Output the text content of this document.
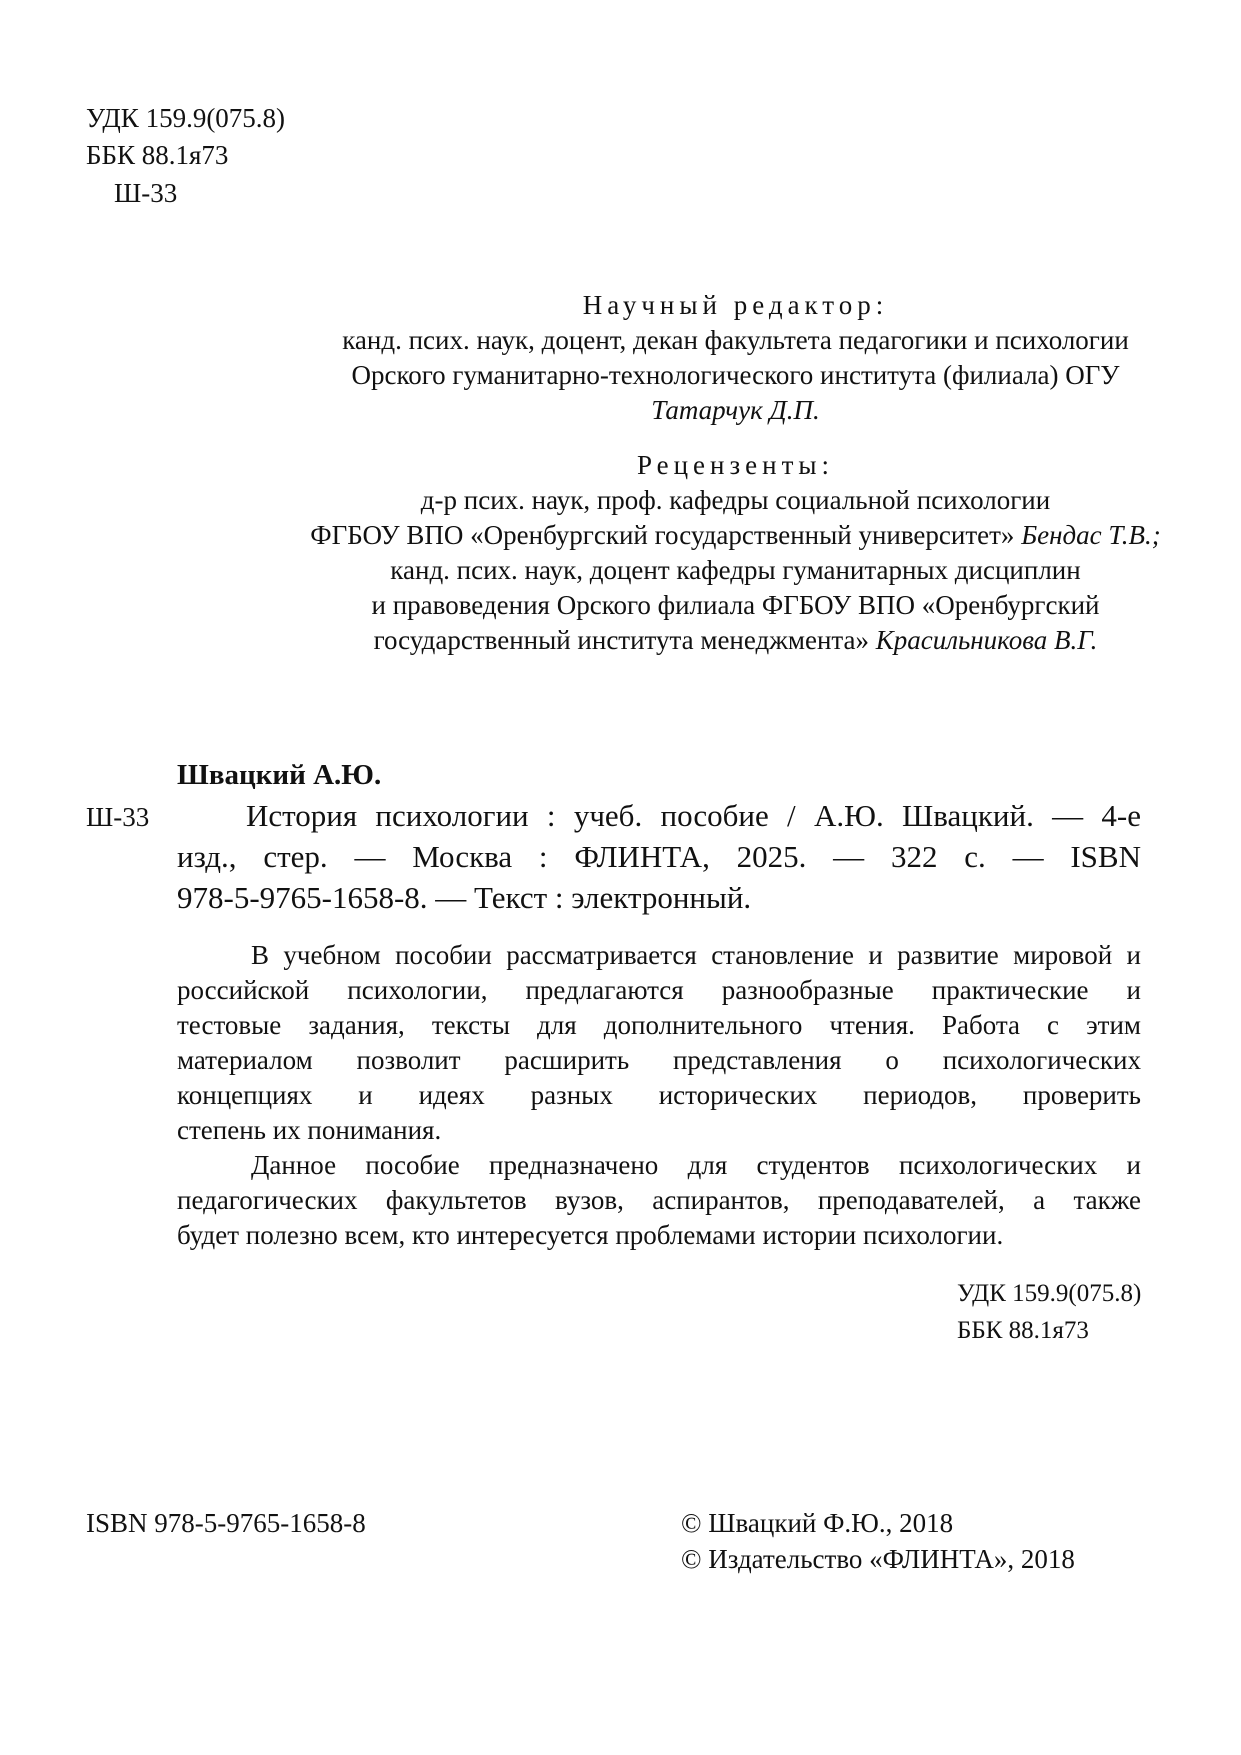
УДК 159.9(075.8)
ББК 88.1я73
Ш-33
Научный редактор:
канд. псих. наук, доцент, декан факультета педагогики и психологии
Орского гуманитарно-технологического института (филиала) ОГУ
Татарчук Д.П.
Рецензенты:
д-р псих. наук, проф. кафедры социальной психологии
ФГБОУ ВПО «Оренбургский государственный университет» Бендас Т.В.;
канд. псих. наук, доцент кафедры гуманитарных дисциплин
и правоведения Орского филиала ФГБОУ ВПО «Оренбургский
государственный института менеджмента» Красильникова В.Г.
Швацкий А.Ю.
Ш-33	История психологии : учеб. пособие / А.Ю. Швацкий. — 4-е
изд., стер. — Москва : ФЛИНТА, 2025. — 322 с. — ISBN
978-5-9765-1658-8. — Текст : электронный.
В учебном пособии рассматривается становление и развитие мировой и
российской психологии, предлагаются разнообразные практические и
тестовые задания, тексты для дополнительного чтения. Работа с этим
материалом позволит расширить представления о психологических
концепциях и идеях разных исторических периодов, проверить
степень их понимания.
Данное пособие предназначено для студентов психологических и
педагогических факультетов вузов, аспирантов, преподавателей, а также
будет полезно всем, кто интересуется проблемами истории психологии.
УДК 159.9(075.8)
ББК 88.1я73
ISBN 978-5-9765-1658-8	© Швацкий Ф.Ю., 2018
© Издательство «ФЛИНТА», 2018
